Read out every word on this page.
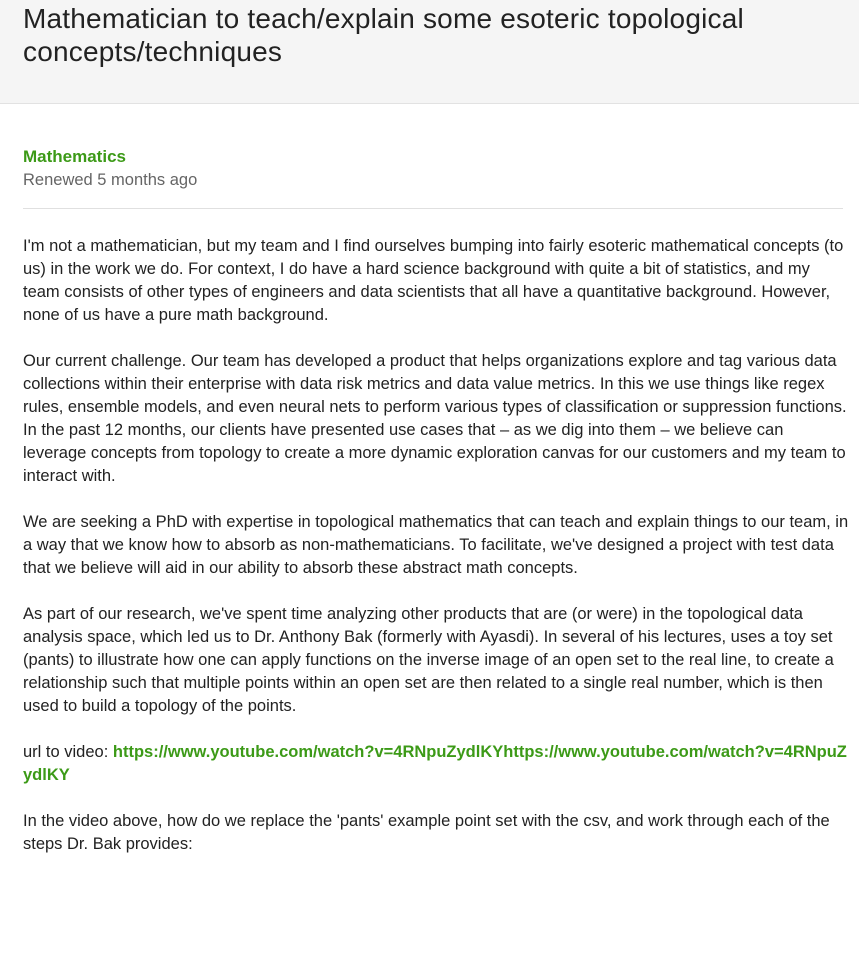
Mathematician to teach/explain some esoteric topological concepts/techniques
Mathematics
Renewed 5 months ago

I'm not a mathematician, but my team and I find ourselves bumping into fairly esoteric mathematical concepts (to us) in the work we do. For context, I do have a hard science background with quite a bit of statistics, and my team consists of other types of engineers and data scientists that all have a quantitative background. However, none of us have a pure math background.

Our current challenge. Our team has developed a product that helps organizations explore and tag various data collections within their enterprise with data risk metrics and data value metrics. In this we use things like regex rules, ensemble models, and even neural nets to perform various types of classification or suppression functions. In the past 12 months, our clients have presented use cases that – as we dig into them – we believe can leverage concepts from topology to create a more dynamic exploration canvas for our customers and my team to interact with.

We are seeking a PhD with expertise in topological mathematics that can teach and explain things to our team, in a way that we know how to absorb as non-mathematicians. To facilitate, we've designed a project with test data that we believe will aid in our ability to absorb these abstract math concepts.

As part of our research, we've spent time analyzing other products that are (or were) in the topological data analysis space, which led us to Dr. Anthony Bak (formerly with Ayasdi). In several of his lectures, uses a toy set (pants) to illustrate how one can apply functions on the inverse image of an open set to the real line, to create a relationship such that multiple points within an open set are then related to a single real number, which is then used to build a topology of the points.

url to video: https://www.youtube.com/watch?v=4RNpuZydlKYhttps://www.youtube.com/watch?v=4RNpuZydlKY

In the video above, how do we replace the 'pants' example point set with the csv, and work through each of the steps Dr. Bak provides:
